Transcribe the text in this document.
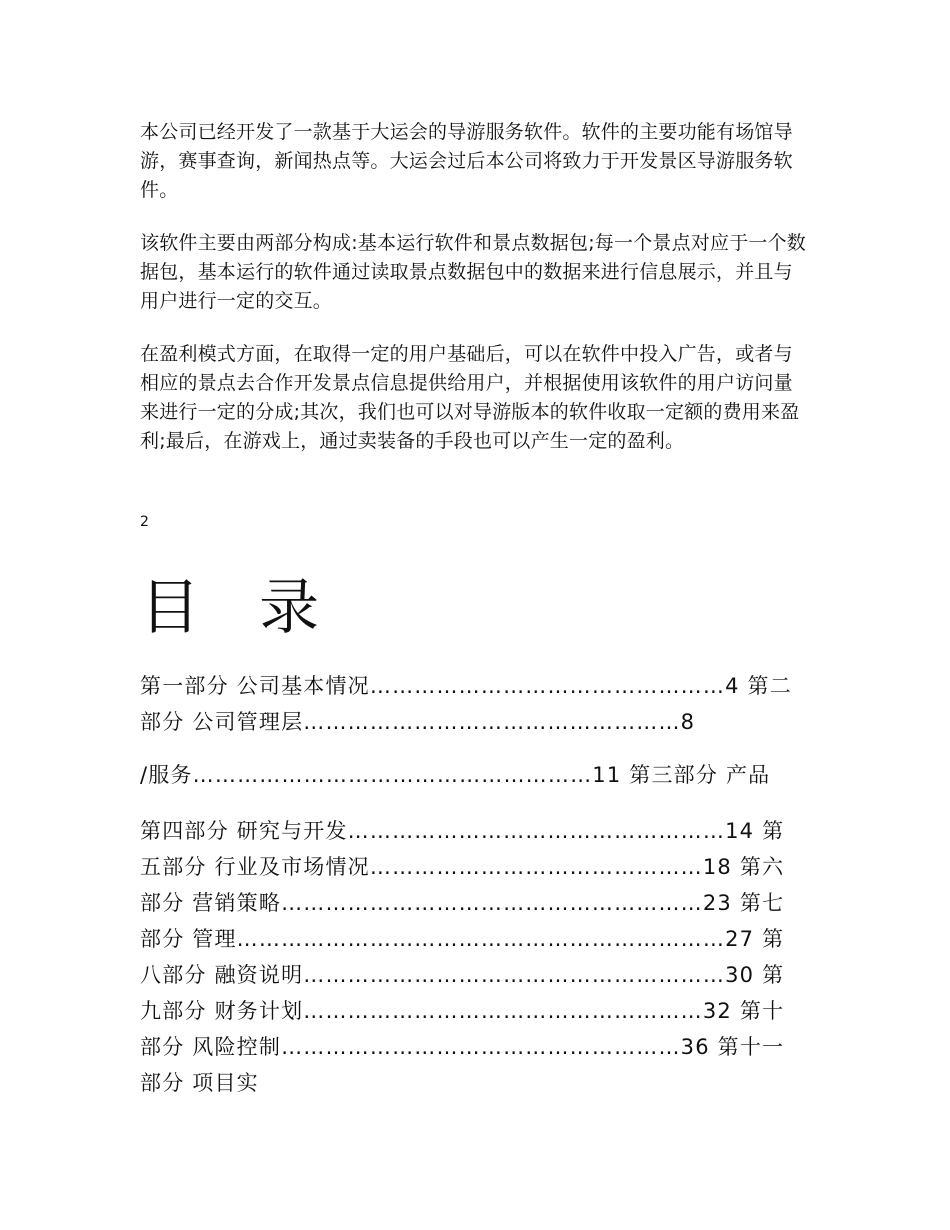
本公司已经开发了一款基于大运会的导游服务软件。软件的主要功能有场馆导游，赛事查询，新闻热点等。大运会过后本公司将致力于开发景区导游服务软件。

该软件主要由两部分构成:基本运行软件和景点数据包;每一个景点对应于一个数据包，基本运行的软件通过读取景点数据包中的数据来进行信息展示，并且与用户进行一定的交互。

在盈利模式方面，在取得一定的用户基础后，可以在软件中投入广告，或者与相应的景点去合作开发景点信息提供给用户，并根据使用该软件的用户访问量来进行一定的分成;其次，我们也可以对导游版本的软件收取一定额的费用来盈利;最后，在游戏上，通过卖装备的手段也可以产生一定的盈利。

2

目 录

第一部分 公司基本情况…………………………………………4 第二部分 公司管理层……………………………………………8

/服务………………………………………………11 第三部分 产品

第四部分 研究与开发……………………………………………14 第五部分 行业及市场情况………………………………………18 第六部分 营销策略…………………………………………………23 第七部分 管理…………………………………………………………27 第八部分 融资说明…………………………………………………30 第九部分 财务计划………………………………………………32 第十部分 风险控制………………………………………………36 第十一部分 项目实
